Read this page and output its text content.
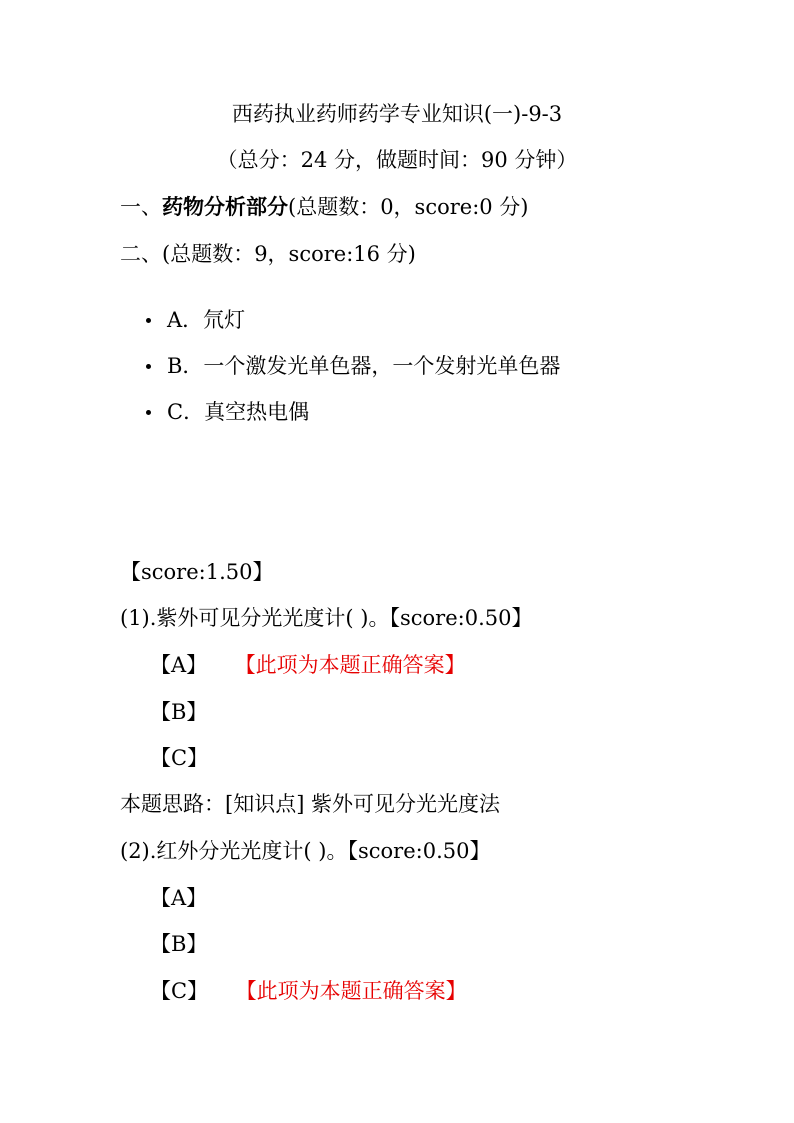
西药执业药师药学专业知识(一)-9-3
（总分：24 分，做题时间：90 分钟）
一、药物分析部分(总题数：0，score:0 分)
二、(总题数：9，score:16 分)
A．氘灯
B．一个激发光单色器，一个发射光单色器
C．真空热电偶
【score:1.50】
(1).紫外可见分光光度计( )。【score:0.50】
【A】 【此项为本题正确答案】
【B】
【C】
本题思路：[知识点] 紫外可见分光光度法
(2).红外分光光度计( )。【score:0.50】
【A】
【B】
【C】 【此项为本题正确答案】
